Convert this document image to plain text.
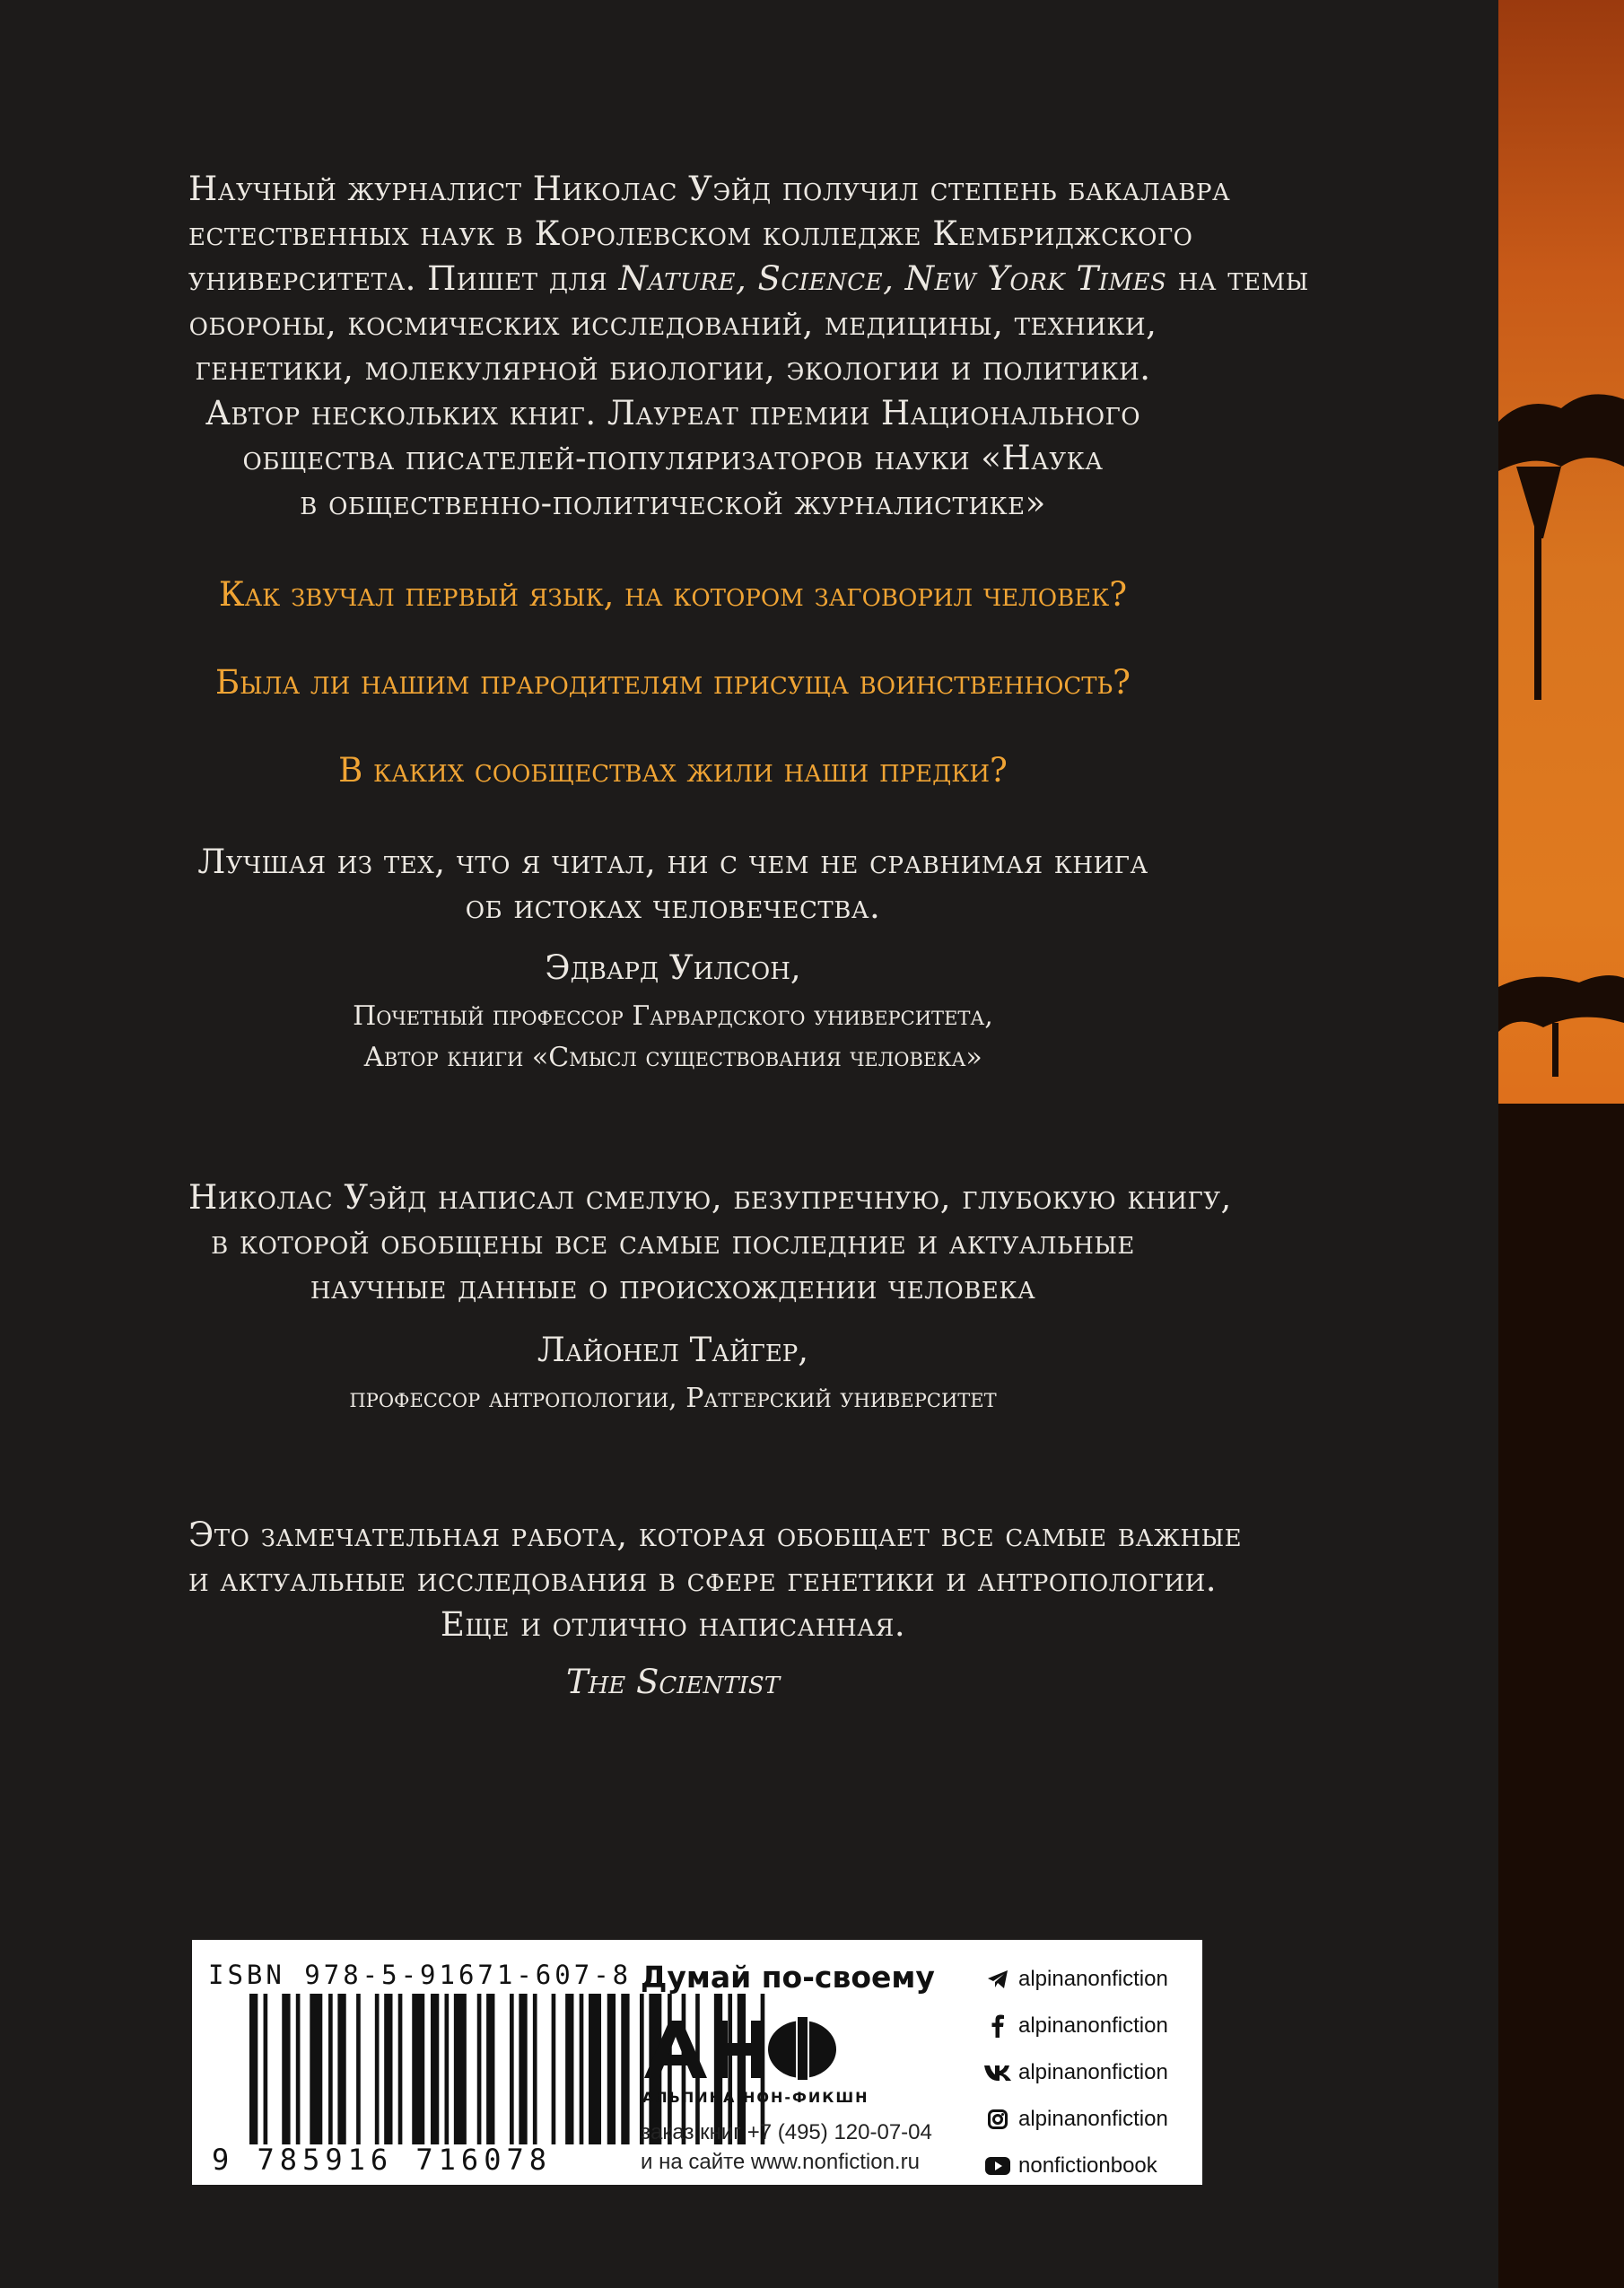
Научный журналист Николас Уэйд получил степень бакалавра
естественных наук в Королевском колледже Кембриджского
университета. Пишет для Nature, Science, New York Times на темы
обороны, космических исследований, медицины, техники,
генетики, молекулярной биологии, экологии и политики.
Автор нескольких книг. Лауреат премии Национального
общества писателей-популяризаторов науки «Наука
в общественно-политической журналистике»
Как звучал первый язык, на котором заговорил человек?
Была ли нашим прародителям присуща воинственность?
В каких сообществах жили наши предки?
Лучшая из тех, что я читал, ни с чем не сравнимая книга
об истоках человечества.
Эдвард Уилсон,
Почетный профессор Гарвардского университета,
Автор книги «Смысл существования человека»
Николас Уэйд написал смелую, безупречную, глубокую книгу,
в которой обобщены все самые последние и актуальные
научные данные о происхождении человека
Лайонел Тайгер,
профессор антропологии, Ратгерский университет
Это замечательная работа, которая обобщает все самые важные
и актуальные исследования в сфере генетики и антропологии.
Еще и отлично написанная.
The Scientist
ISBN 978-5-91671-607-8
9 785916 716078
Думай по-своему
АЛЬПИНА НОН-ФИКШН
заказ книг +7 (495) 120-07-04
и на сайте www.nonfiction.ru
alpinanonfiction
alpinanonfiction
alpinanonfiction
alpinanonfiction
nonfictionbook
